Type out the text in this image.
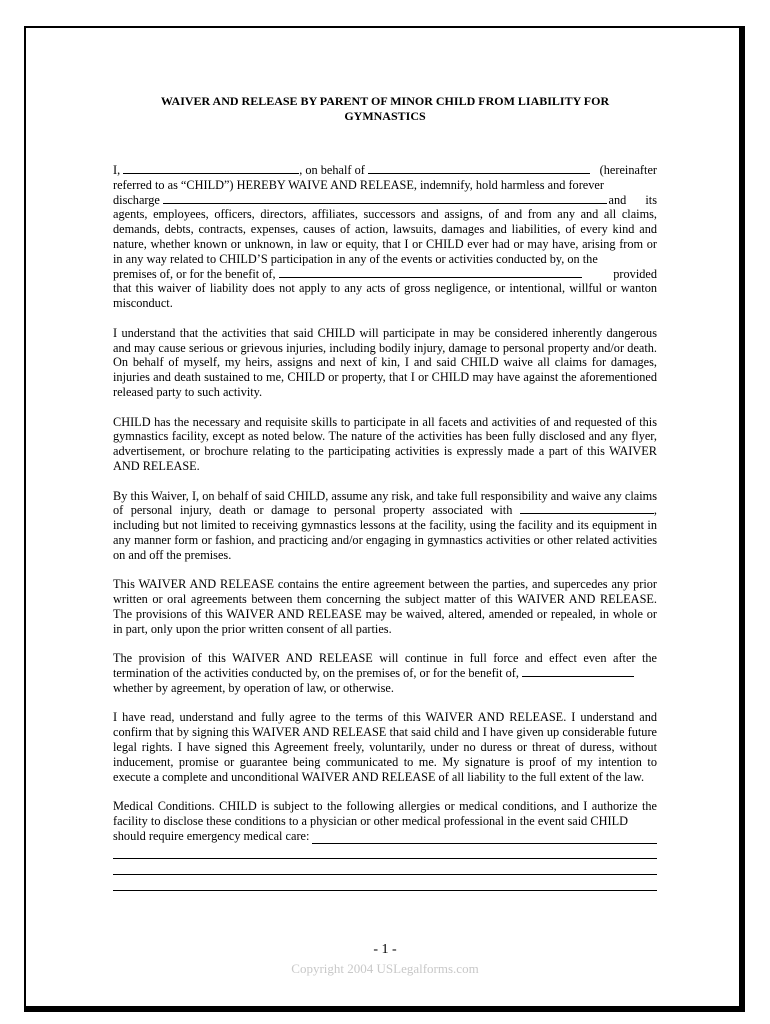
WAIVER AND RELEASE BY PARENT OF MINOR CHILD FROM LIABILITY FOR
GYMNASTICS

I,	, on behalf of	(hereinafter
referred to as “CHILD”) HEREBY WAIVE AND RELEASE, indemnify, hold harmless and forever
discharge	and its
agents, employees, officers, directors, affiliates, successors and assigns, of and from any and all claims, demands, debts, contracts, expenses, causes of action, lawsuits, damages and liabilities, of every kind and nature, whether known or unknown, in law or equity, that I or CHILD ever had or may have, arising from or in any way related to CHILD’S participation in any of the events or activities conducted by, on the
premises of, or for the benefit of,	provided
that this waiver of liability does not apply to any acts of gross negligence, or intentional, willful or wanton misconduct.

I understand that the activities that said CHILD will participate in may be considered inherently dangerous and may cause serious or grievous injuries, including bodily injury, damage to personal property and/or death. On behalf of myself, my heirs, assigns and next of kin, I and said CHILD waive all claims for damages, injuries and death sustained to me, CHILD or property, that I or CHILD may have against the aforementioned released party to such activity.

CHILD has the necessary and requisite skills to participate in all facets and activities of and requested of this gymnastics facility, except as noted below. The nature of the activities has been fully disclosed and any flyer, advertisement, or brochure relating to the participating activities is expressly made a part of this WAIVER AND RELEASE.

By this Waiver, I, on behalf of said CHILD, assume any risk, and take full responsibility and waive any claims of personal injury, death or damage to personal property associated with	, including but not limited to receiving gymnastics lessons at the facility, using the facility and its equipment in any manner form or fashion, and practicing and/or engaging in gymnastics activities or other related activities on and off the premises.

This WAIVER AND RELEASE contains the entire agreement between the parties, and supercedes any prior written or oral agreements between them concerning the subject matter of this WAIVER AND RELEASE. The provisions of this WAIVER AND RELEASE may be waived, altered, amended or repealed, in whole or in part, only upon the prior written consent of all parties.

The provision of this WAIVER AND RELEASE will continue in full force and effect even after the termination of the activities conducted by, on the premises of, or for the benefit of,
whether by agreement, by operation of law, or otherwise.

I have read, understand and fully agree to the terms of this WAIVER AND RELEASE. I understand and confirm that by signing this WAIVER AND RELEASE that said child and I have given up considerable future legal rights. I have signed this Agreement freely, voluntarily, under no duress or threat of duress, without inducement, promise or guarantee being communicated to me. My signature is proof of my intention to execute a complete and unconditional WAIVER AND RELEASE of all liability to the full extent of the law.

Medical Conditions. CHILD is subject to the following allergies or medical conditions, and I authorize the facility to disclose these conditions to a physician or other medical professional in the event said CHILD
should require emergency medical care:
- 1 -
Copyright 2004 USLegalforms.com
